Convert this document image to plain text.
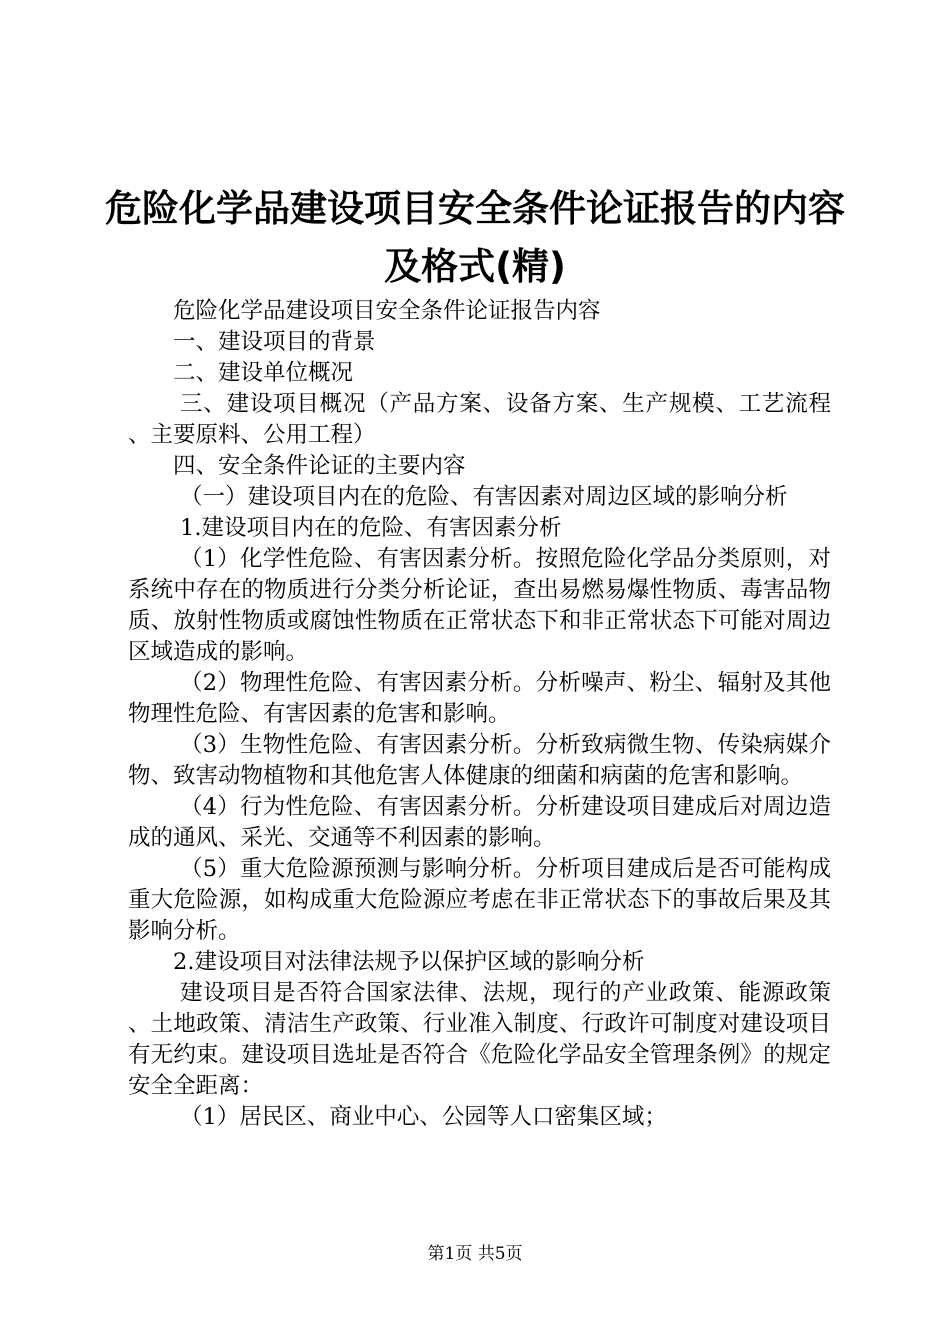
危险化学品建设项目安全条件论证报告的内容
及格式(精)

危险化学品建设项目安全条件论证报告内容

一、建设项目的背景

二、建设单位概况

三、建设项目概况（产品方案、设备方案、生产规模、工艺流程、主要原料、公用工程）

四、安全条件论证的主要内容

（一）建设项目内在的危险、有害因素对周边区域的影响分析

1.建设项目内在的危险、有害因素分析

（1）化学性危险、有害因素分析。按照危险化学品分类原则，对系统中存在的物质进行分类分析论证，查出易燃易爆性物质、毒害品物质、放射性物质或腐蚀性物质在正常状态下和非正常状态下可能对周边区域造成的影响。

（2）物理性危险、有害因素分析。分析噪声、粉尘、辐射及其他物理性危险、有害因素的危害和影响。

（3）生物性危险、有害因素分析。分析致病微生物、传染病媒介物、致害动物植物和其他危害人体健康的细菌和病菌的危害和影响。

（4）行为性危险、有害因素分析。分析建设项目建成后对周边造成的通风、采光、交通等不利因素的影响。

（5）重大危险源预测与影响分析。分析项目建成后是否可能构成重大危险源，如构成重大危险源应考虑在非正常状态下的事故后果及其影响分析。

2.建设项目对法律法规予以保护区域的影响分析

建设项目是否符合国家法律、法规，现行的产业政策、能源政策、土地政策、清洁生产政策、行业准入制度、行政许可制度对建设项目有无约束。建设项目选址是否符合《危险化学品安全管理条例》的规定安全全距离：

（1）居民区、商业中心、公园等人口密集区域；

第1页 共5页
